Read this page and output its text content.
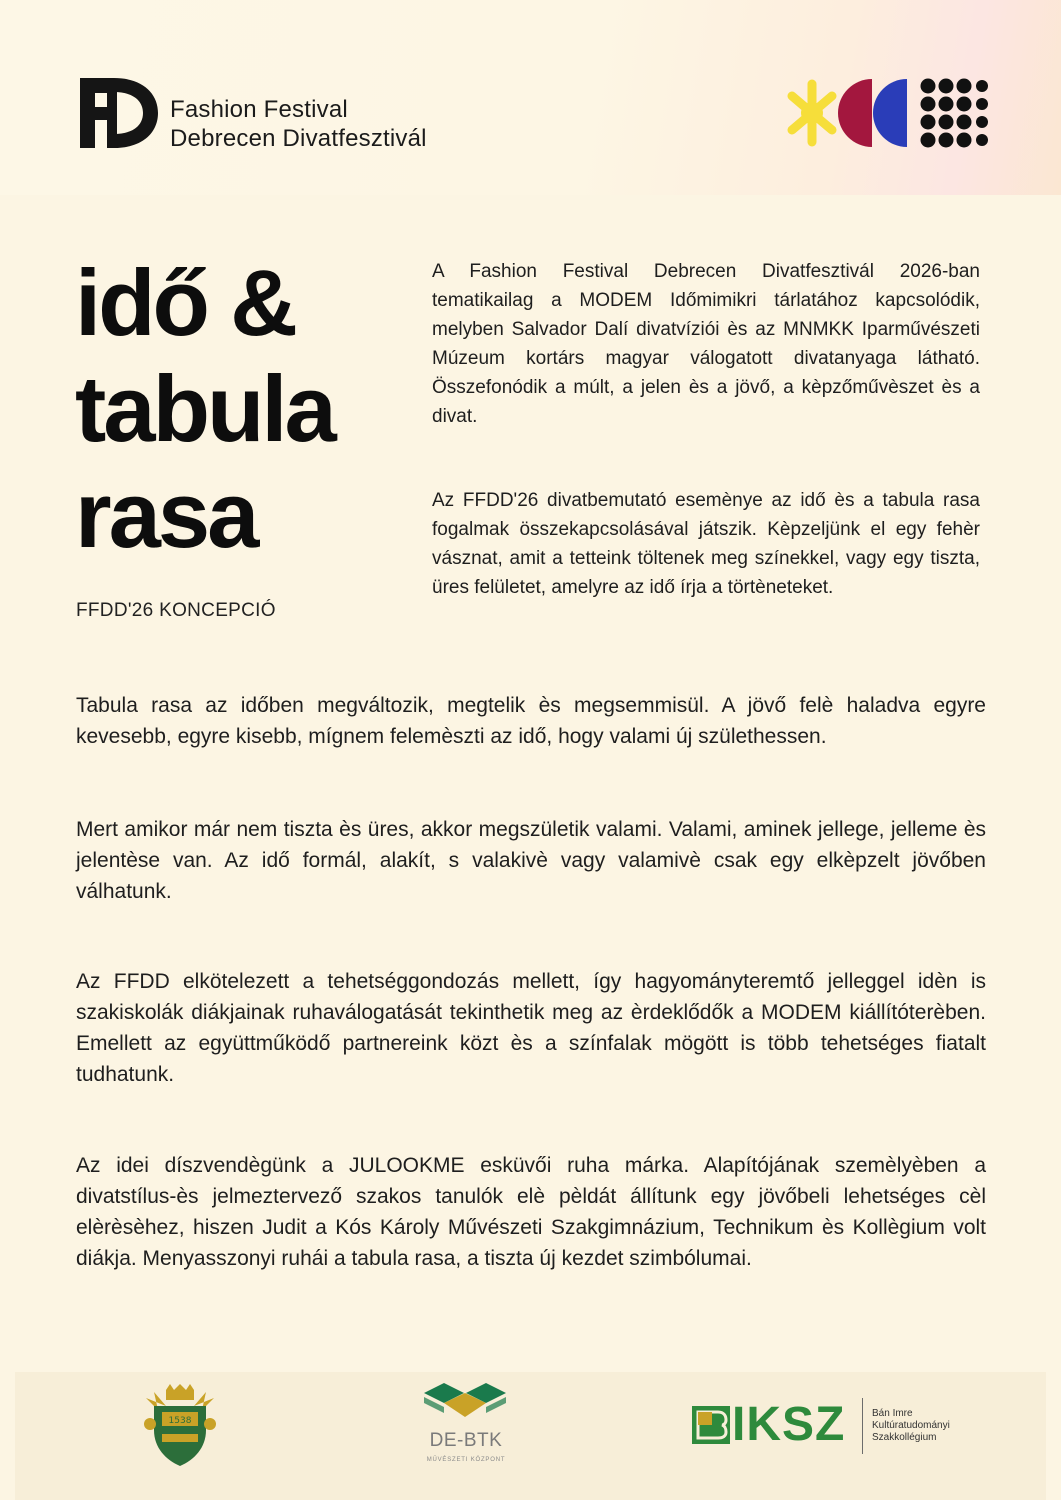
Fashion Festival
Debrecen Divatfesztivál
idő &
tabula
rasa
FFDD'26 KONCEPCIÓ

A Fashion Festival Debrecen Divatfesztivál 2026-ban tematikailag a MODEM Időmimikri tárlatához kapcsolódik, melyben Salvador Dalí divatvíziói ès az MNMKK Iparművészeti Múzeum kortárs magyar válogatott divatanyaga látható. Összefonódik a múlt, a jelen ès a jövő, a kèpzőművèszet ès a divat.

Az FFDD'26 divatbemutató esemènye az idő ès a tabula rasa fogalmak összekapcsolásával játszik. Kèpzeljünk el egy fehèr vásznat, amit a tetteink töltenek meg színekkel, vagy egy tiszta, üres felületet, amelyre az idő írja a törtèneteket.

Tabula rasa az időben megváltozik, megtelik ès megsemmisül. A jövő felè haladva egyre kevesebb, egyre kisebb, mígnem felemèszti az idő, hogy valami új születhessen.

Mert amikor már nem tiszta ès üres, akkor megszületik valami. Valami, aminek jellege, jelleme ès jelentèse van. Az idő formál, alakít, s valakivè vagy valamivè csak egy elkèpzelt jövőben válhatunk.

Az FFDD elkötelezett a tehetséggondozás mellett, így hagyományteremtő jelleggel idèn is szakiskolák diákjainak ruhaválogatását tekinthetik meg az èrdeklődők a MODEM kiállítóterèben. Emellett az együttműködő partnereink közt ès a színfalak mögött is több tehetséges fiatalt tudhatunk.

Az idei díszvendègünk a JULOOKME esküvői ruha márka. Alapítójának szemèlyèben a divatstílus-ès jelmeztervező szakos tanulók elè pèldát állítunk egy jövőbeli lehetséges cèl elèrèsèhez, hiszen Judit a Kós Károly Művészeti Szakgimnázium, Technikum ès Kollègium volt diákja. Menyasszonyi ruhái a tabula rasa, a tiszta új kezdet szimbólumai.

1538
DE-BTK
MŰVÉSZETI KÖZPONT
IKSZ	Bán Imre
Kultúratudományi
Szakkollégium
